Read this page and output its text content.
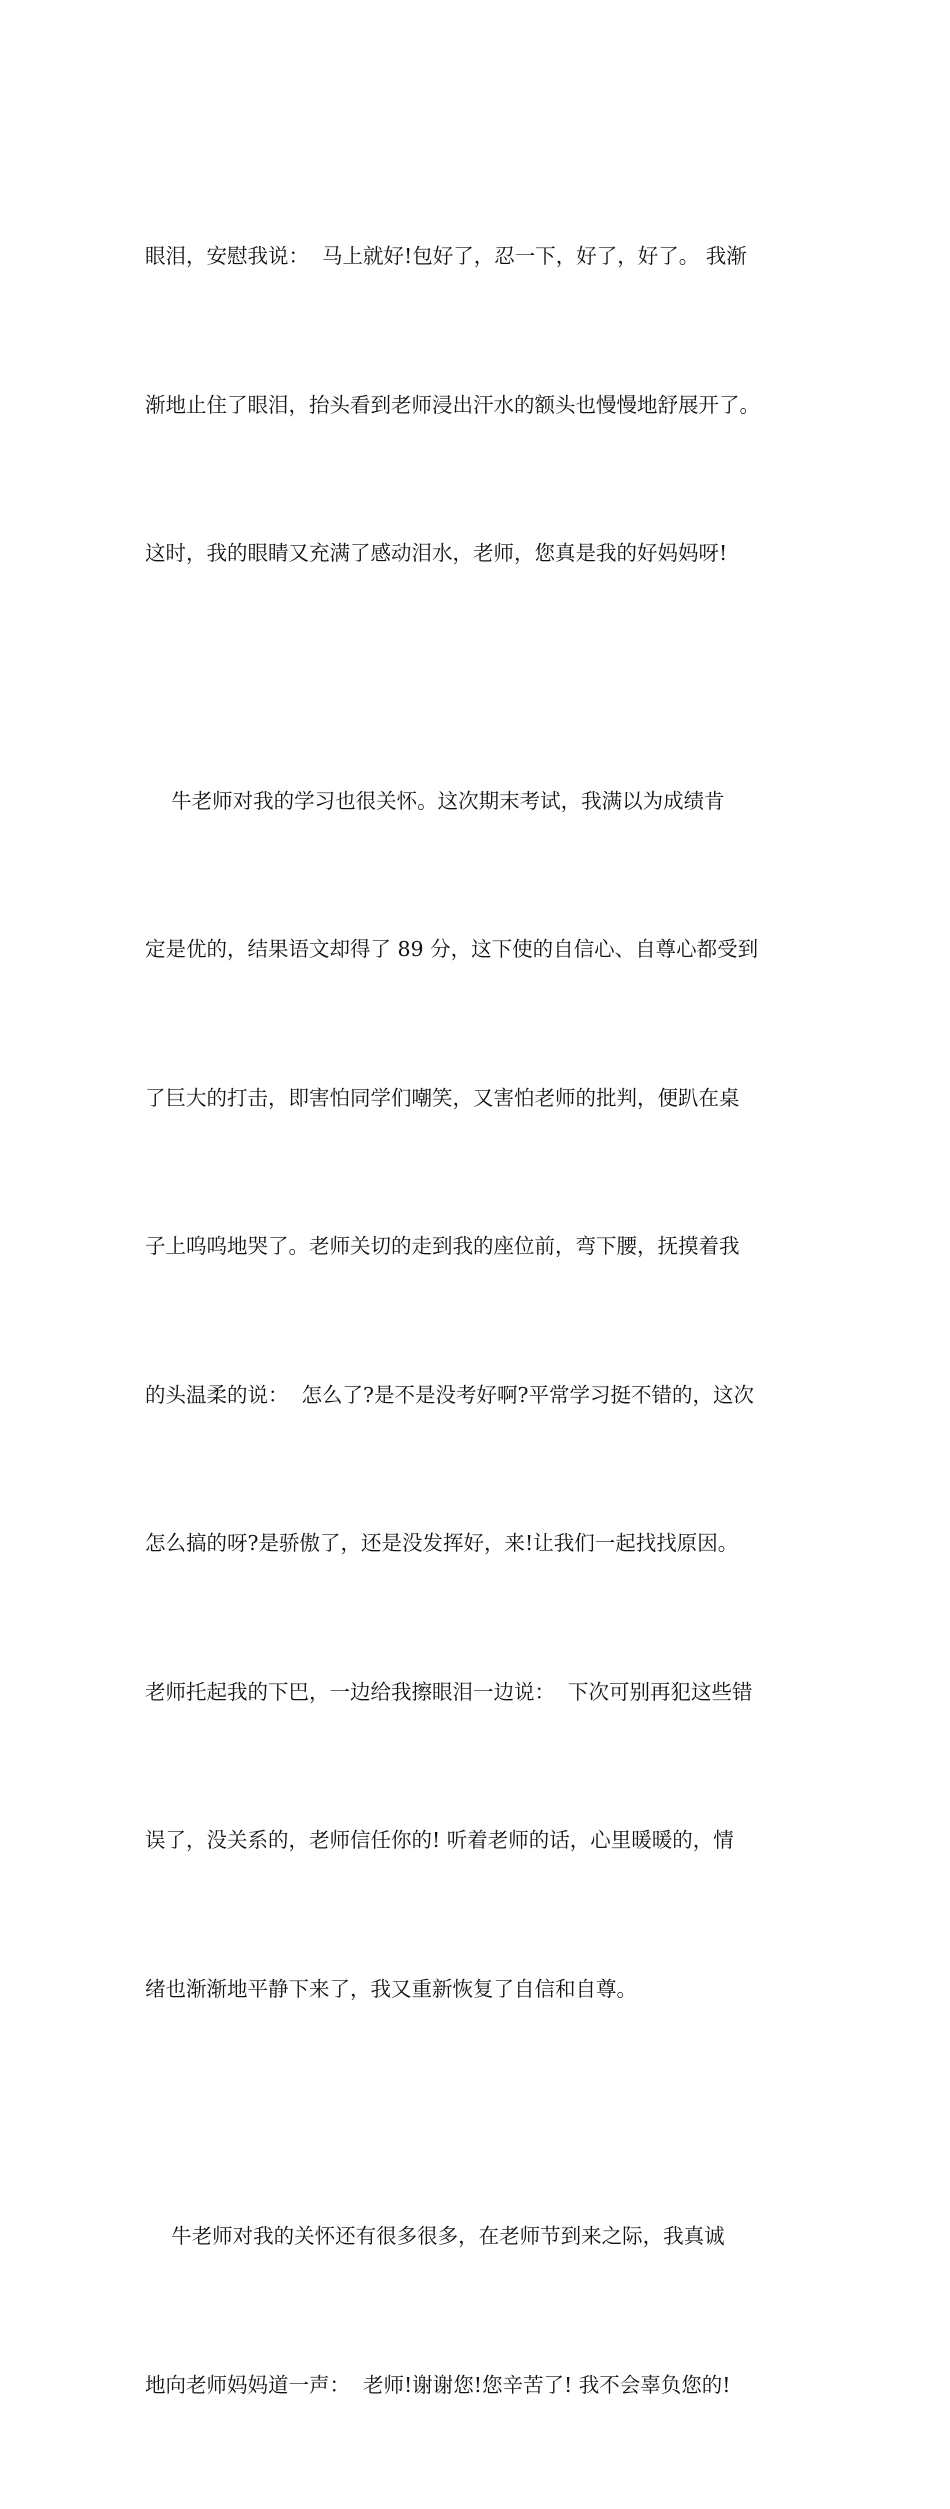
眼泪，安慰我说：  马上就好!包好了，忍一下，好了，好了。 我渐

渐地止住了眼泪，抬头看到老师浸出汗水的额头也慢慢地舒展开了。

这时，我的眼睛又充满了感动泪水，老师，您真是我的好妈妈呀!

牛老师对我的学习也很关怀。这次期末考试，我满以为成绩肯

定是优的，结果语文却得了 89 分，这下使的自信心、自尊心都受到

了巨大的打击，即害怕同学们嘲笑，又害怕老师的批判，便趴在桌

子上呜呜地哭了。老师关切的走到我的座位前，弯下腰，抚摸着我

的头温柔的说：  怎么了?是不是没考好啊?平常学习挺不错的，这次

怎么搞的呀?是骄傲了，还是没发挥好，来!让我们一起找找原因。

老师托起我的下巴，一边给我擦眼泪一边说：  下次可别再犯这些错

误了，没关系的，老师信任你的! 听着老师的话，心里暖暖的，情

绪也渐渐地平静下来了，我又重新恢复了自信和自尊。

牛老师对我的关怀还有很多很多，在老师节到来之际，我真诚

地向老师妈妈道一声：  老师!谢谢您!您辛苦了! 我不会辜负您的!
